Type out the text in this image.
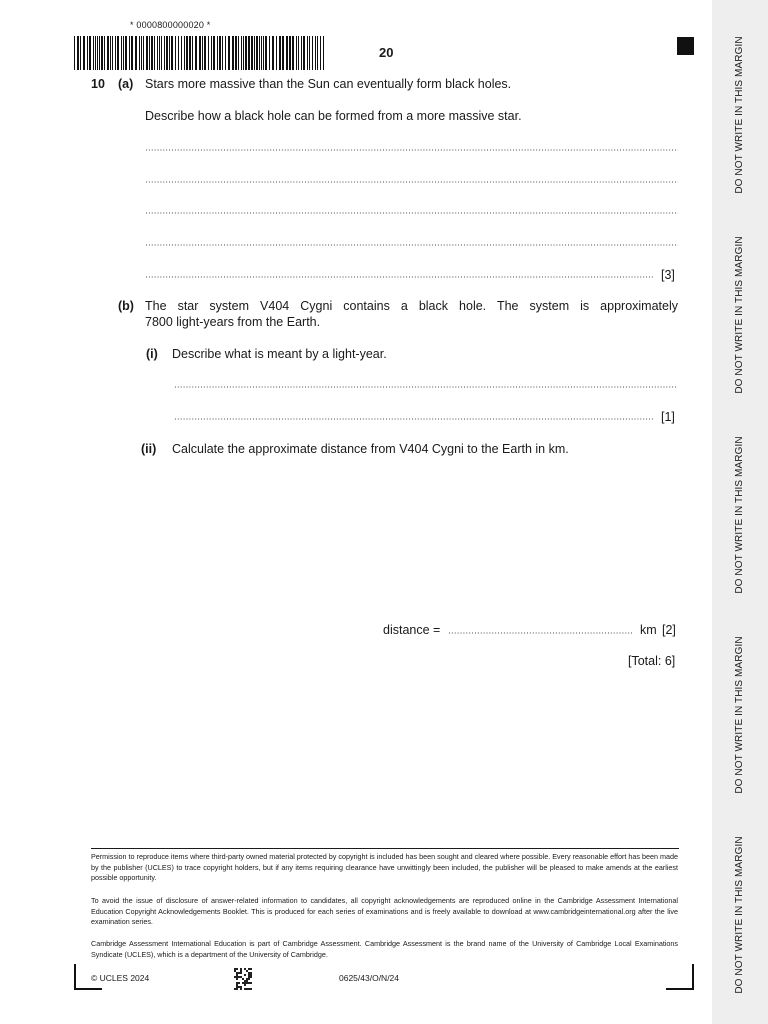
DO NOT WRITE IN THIS MARGIN
DO NOT WRITE IN THIS MARGIN
DO NOT WRITE IN THIS MARGIN
DO NOT WRITE IN THIS MARGIN
DO NOT WRITE IN THIS MARGIN
* 0000800000020 *
20
10 (a) Stars more massive than the Sun can eventually form black holes.
Describe how a black hole can be formed from a more massive star.
[3]
(b) The star system V404 Cygni contains a black hole. The system is approximately
7800 light-years from the Earth.
(i) Describe what is meant by a light-year.
[1]
(ii) Calculate the approximate distance from V404 Cygni to the Earth in km.
distance =	km [2]
[Total: 6]
Permission to reproduce items where third-party owned material protected by copyright is included has been sought and cleared where possible. Every reasonable effort has been made by the publisher (UCLES) to trace copyright holders, but if any items requiring clearance have unwittingly been included, the publisher will be pleased to make amends at the earliest possible opportunity.
To avoid the issue of disclosure of answer-related information to candidates, all copyright acknowledgements are reproduced online in the Cambridge Assessment International Education Copyright Acknowledgements Booklet. This is produced for each series of examinations and is freely available to download at www.cambridgeinternational.org after the live examination series.
Cambridge Assessment International Education is part of Cambridge Assessment. Cambridge Assessment is the brand name of the University of Cambridge Local Examinations Syndicate (UCLES), which is a department of the University of Cambridge.
© UCLES 2024	0625/43/O/N/24
